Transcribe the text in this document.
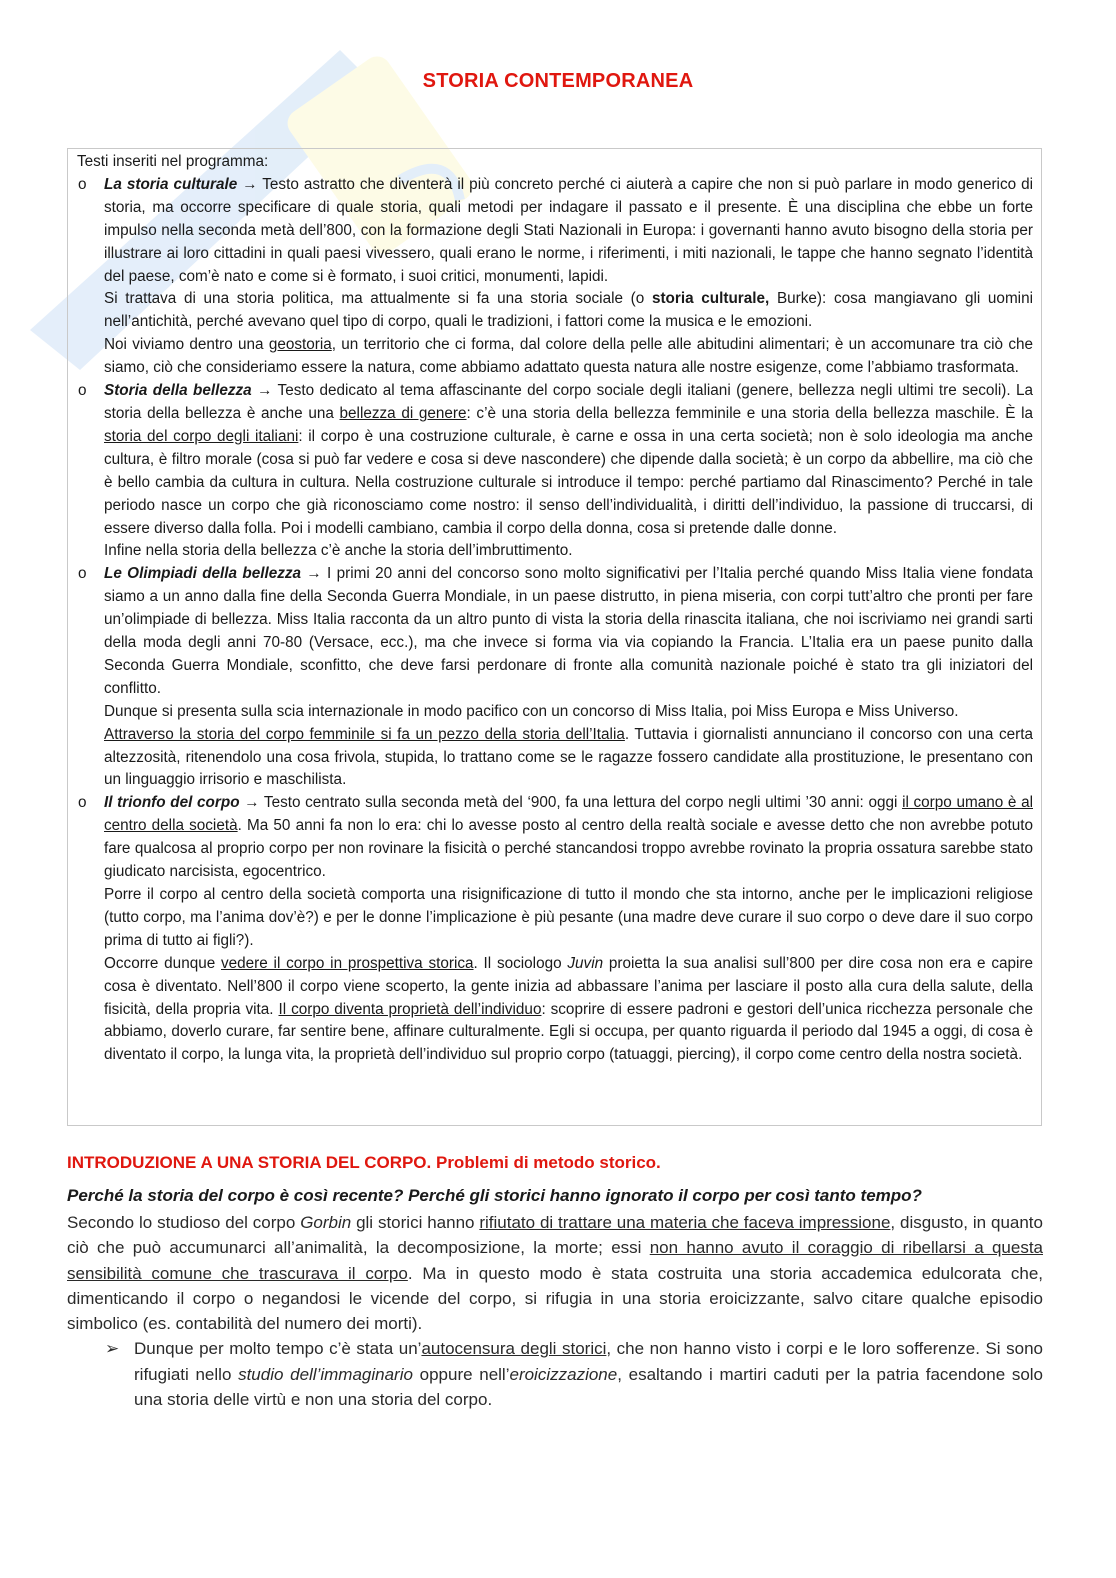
STORIA CONTEMPORANEA

Testi inseriti nel programma:

o La storia culturale → Testo astratto che diventerà il più concreto perché ci aiuterà a capire che non si può parlare in modo generico di storia, ma occorre specificare di quale storia, quali metodi per indagare il passato e il presente. È una disciplina che ebbe un forte impulso nella seconda metà dell’800, con la formazione degli Stati Nazionali in Europa: i governanti hanno avuto bisogno della storia per illustrare ai loro cittadini in quali paesi vivessero, quali erano le norme, i riferimenti, i miti nazionali, le tappe che hanno segnato l’identità del paese, com’è nato e come si è formato, i suoi critici, monumenti, lapidi.

Si trattava di una storia politica, ma attualmente si fa una storia sociale (o storia culturale, Burke): cosa mangiavano gli uomini nell’antichità, perché avevano quel tipo di corpo, quali le tradizioni, i fattori come la musica e le emozioni.

Noi viviamo dentro una geostoria, un territorio che ci forma, dal colore della pelle alle abitudini alimentari; è un accomunare tra ciò che siamo, ciò che consideriamo essere la natura, come abbiamo adattato questa natura alle nostre esigenze, come l’abbiamo trasformata.

o Storia della bellezza → Testo dedicato al tema affascinante del corpo sociale degli italiani (genere, bellezza negli ultimi tre secoli). La storia della bellezza è anche una bellezza di genere: c’è una storia della bellezza femminile e una storia della bellezza maschile. È la storia del corpo degli italiani: il corpo è una costruzione culturale, è carne e ossa in una certa società; non è solo ideologia ma anche cultura, è filtro morale (cosa si può far vedere e cosa si deve nascondere) che dipende dalla società; è un corpo da abbellire, ma ciò che è bello cambia da cultura in cultura. Nella costruzione culturale si introduce il tempo: perché partiamo dal Rinascimento? Perché in tale periodo nasce un corpo che già riconosciamo come nostro: il senso dell’individualità, i diritti dell’individuo, la passione di truccarsi, di essere diverso dalla folla. Poi i modelli cambiano, cambia il corpo della donna, cosa si pretende dalle donne.

Infine nella storia della bellezza c’è anche la storia dell’imbruttimento.

o Le Olimpiadi della bellezza → I primi 20 anni del concorso sono molto significativi per l’Italia perché quando Miss Italia viene fondata siamo a un anno dalla fine della Seconda Guerra Mondiale, in un paese distrutto, in piena miseria, con corpi tutt’altro che pronti per fare un’olimpiade di bellezza. Miss Italia racconta da un altro punto di vista la storia della rinascita italiana, che noi iscriviamo nei grandi sarti della moda degli anni 70-80 (Versace, ecc.), ma che invece si forma via via copiando la Francia. L’Italia era un paese punito dalla Seconda Guerra Mondiale, sconfitto, che deve farsi perdonare di fronte alla comunità nazionale poiché è stato tra gli iniziatori del conflitto.

Dunque si presenta sulla scia internazionale in modo pacifico con un concorso di Miss Italia, poi Miss Europa e Miss Universo.

Attraverso la storia del corpo femminile si fa un pezzo della storia dell’Italia. Tuttavia i giornalisti annunciano il concorso con una certa altezzosità, ritenendolo una cosa frivola, stupida, lo trattano come se le ragazze fossero candidate alla prostituzione, le presentano con un linguaggio irrisorio e maschilista.

o Il trionfo del corpo → Testo centrato sulla seconda metà del ‘900, fa una lettura del corpo negli ultimi ’30 anni: oggi il corpo umano è al centro della società. Ma 50 anni fa non lo era: chi lo avesse posto al centro della realtà sociale e avesse detto che non avrebbe potuto fare qualcosa al proprio corpo per non rovinare la fisicità o perché stancandosi troppo avrebbe rovinato la propria ossatura sarebbe stato giudicato narcisista, egocentrico.

Porre il corpo al centro della società comporta una risignificazione di tutto il mondo che sta intorno, anche per le implicazioni religiose (tutto corpo, ma l’anima dov’è?) e per le donne l’implicazione è più pesante (una madre deve curare il suo corpo o deve dare il suo corpo prima di tutto ai figli?).

Occorre dunque vedere il corpo in prospettiva storica. Il sociologo Juvin proietta la sua analisi sull’800 per dire cosa non era e capire cosa è diventato. Nell’800 il corpo viene scoperto, la gente inizia ad abbassare l’anima per lasciare il posto alla cura della salute, della fisicità, della propria vita. Il corpo diventa proprietà dell’individuo: scoprire di essere padroni e gestori dell’unica ricchezza personale che abbiamo, doverlo curare, far sentire bene, affinare culturalmente. Egli si occupa, per quanto riguarda il periodo dal 1945 a oggi, di cosa è diventato il corpo, la lunga vita, la proprietà dell’individuo sul proprio corpo (tatuaggi, piercing), il corpo come centro della nostra società.

INTRODUZIONE A UNA STORIA DEL CORPO. Problemi di metodo storico.
Perché la storia del corpo è così recente? Perché gli storici hanno ignorato il corpo per così tanto tempo?

Secondo lo studioso del corpo Gorbin gli storici hanno rifiutato di trattare una materia che faceva impressione, disgusto, in quanto ciò che può accumunarci all’animalità, la decomposizione, la morte; essi non hanno avuto il coraggio di ribellarsi a questa sensibilità comune che trascurava il corpo. Ma in questo modo è stata costruita una storia accademica edulcorata che, dimenticando il corpo o negandosi le vicende del corpo, si rifugia in una storia eroicizzante, salvo citare qualche episodio simbolico (es. contabilità del numero dei morti).

➢ Dunque per molto tempo c’è stata un’autocensura degli storici, che non hanno visto i corpi e le loro sofferenze. Si sono rifugiati nello studio dell’immaginario oppure nell’eroicizzazione, esaltando i martiri caduti per la patria facendone solo una storia delle virtù e non una storia del corpo.
